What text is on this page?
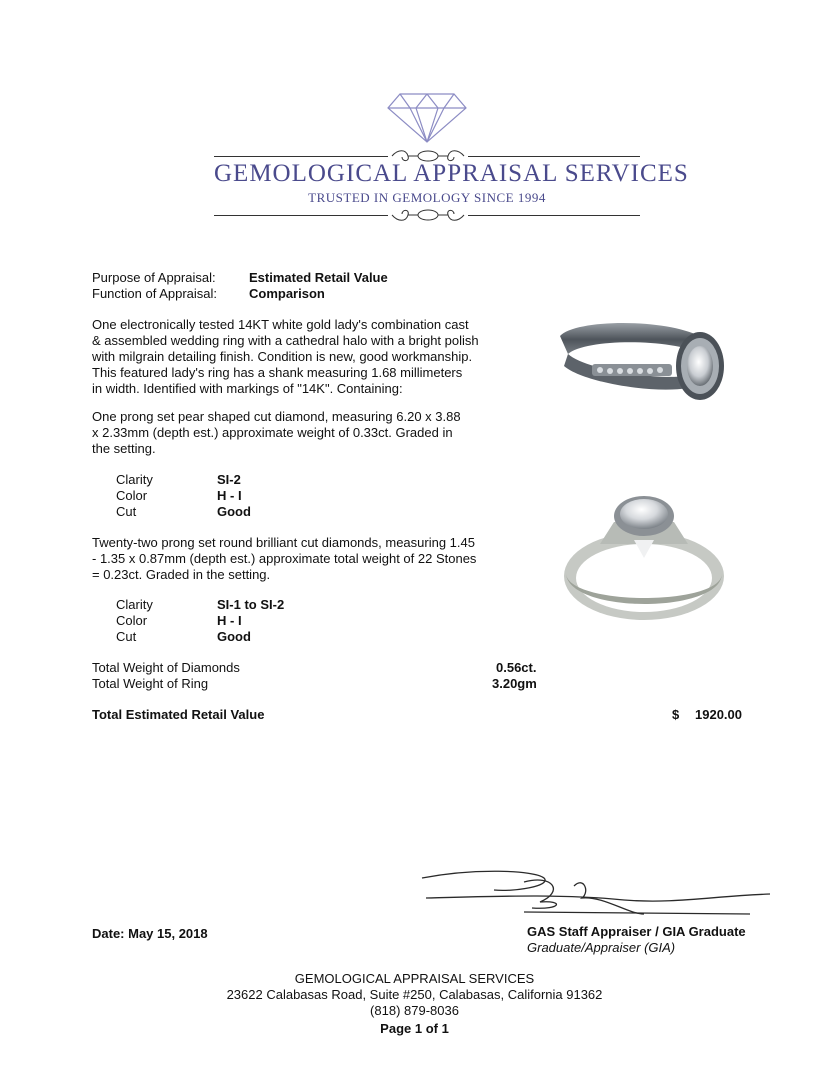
GEMOLOGICAL APPRAISAL SERVICES
TRUSTED IN GEMOLOGY SINCE 1994
Purpose of Appraisal:	Estimated Retail Value
Function of Appraisal: Comparison
One electronically tested 14KT white gold lady's combination cast
& assembled wedding ring with a cathedral halo with a bright polish
with milgrain detailing finish. Condition is new, good workmanship.
This featured lady's ring has a shank measuring 1.68 millimeters
in width. Identified with markings of "14K". Containing:
One prong set pear shaped cut diamond, measuring 6.20 x 3.88
x 2.33mm (depth est.) approximate weight of 0.33ct. Graded in
the setting.
Clarity	SI-2
Color	H - I
Cut	Good
Twenty-two prong set round brilliant cut diamonds, measuring 1.45
- 1.35 x 0.87mm (depth est.) approximate total weight of 22 Stones
= 0.23ct. Graded in the setting.
Clarity	SI-1 to SI-2
Color	H - I
Cut	Good
Total Weight of Diamonds	0.56ct.
Total Weight of Ring	3.20gm
Total Estimated Retail Value	$ 1920.00
Date: May 15, 2018	GAS Staff Appraiser / GIA Graduate
Graduate/Appraiser (GIA)
GEMOLOGICAL APPRAISAL SERVICES
23622 Calabasas Road, Suite #250, Calabasas, California 91362
(818) 879-8036
Page 1 of 1
